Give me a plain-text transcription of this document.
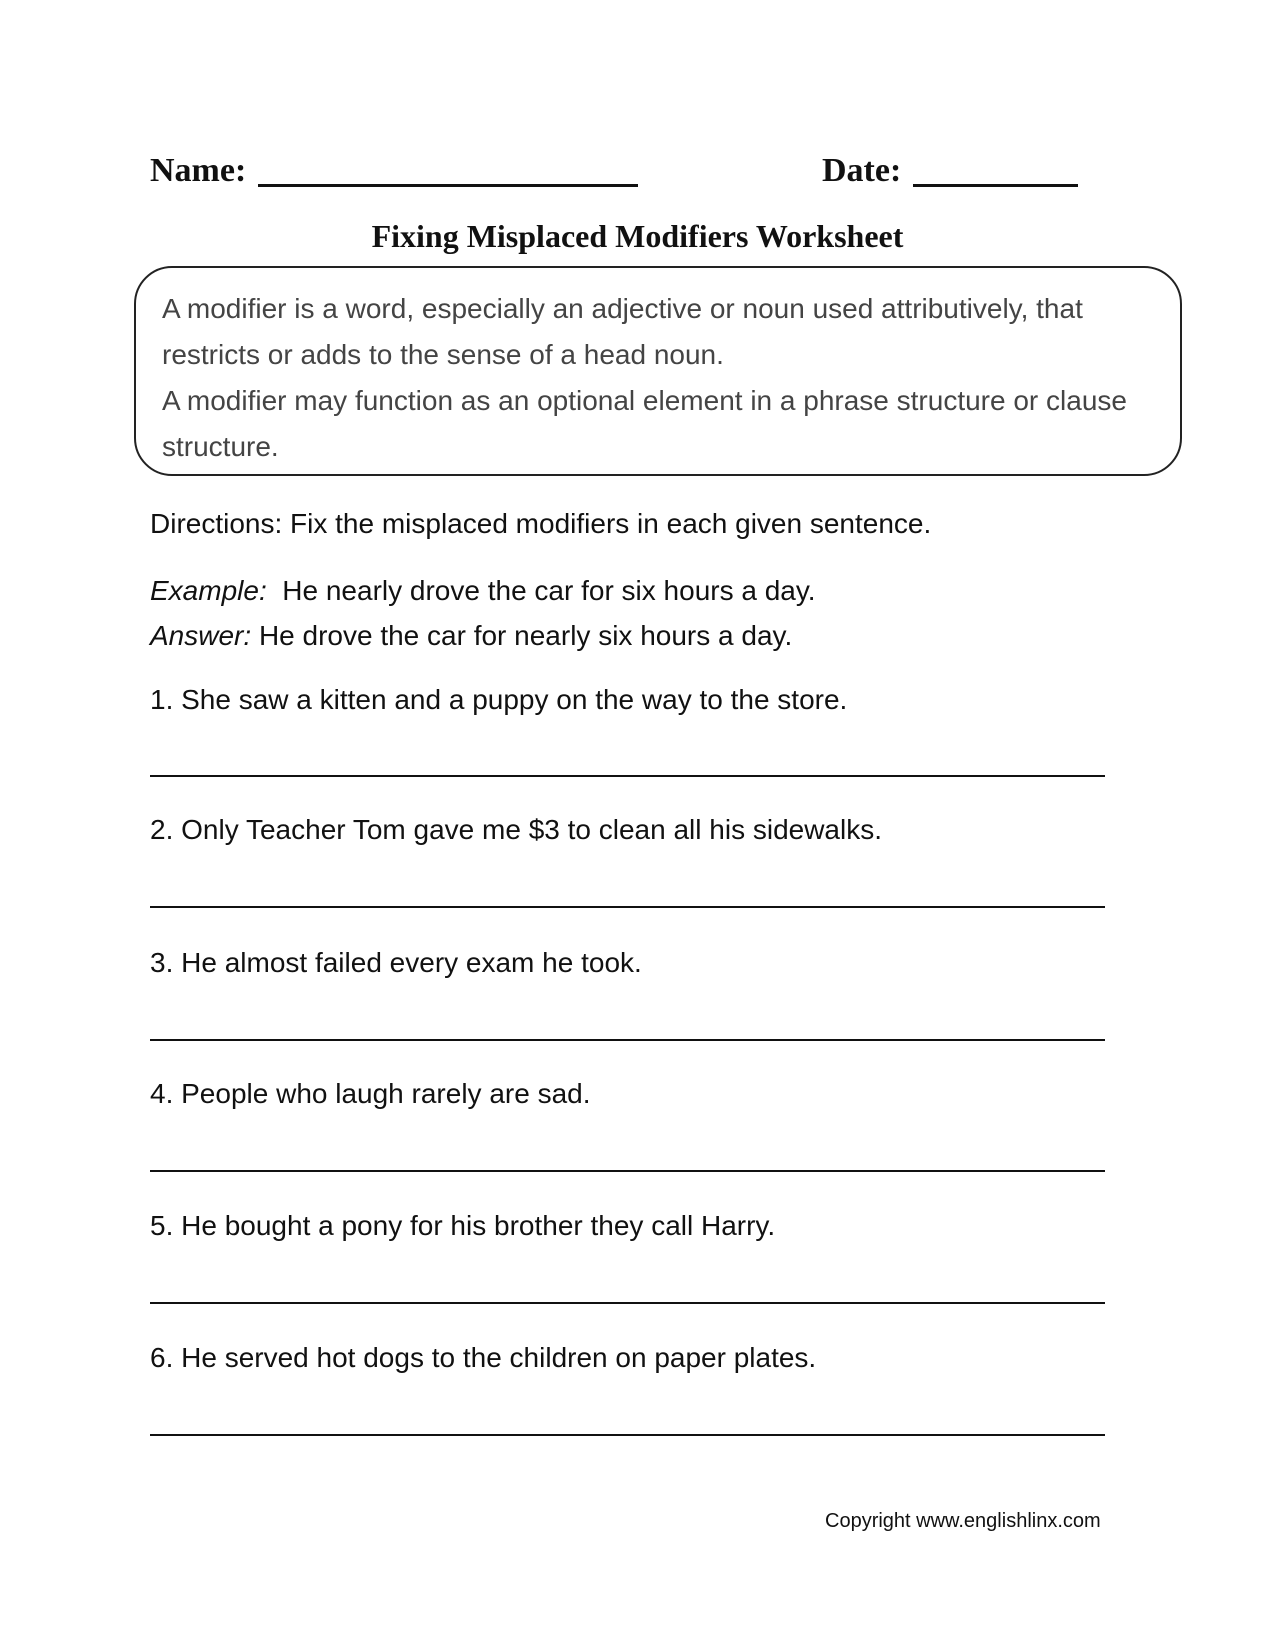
Name:	Date:
Fixing Misplaced Modifiers Worksheet

A modifier is a word, especially an adjective or noun used attributively, that restricts or adds to the sense of a head noun.

A modifier may function as an optional element in a phrase structure or clause structure.

Directions: Fix the misplaced modifiers in each given sentence.
Example: He nearly drove the car for six hours a day.
Answer: He drove the car for nearly six hours a day.
1. She saw a kitten and a puppy on the way to the store.
2. Only Teacher Tom gave me $3 to clean all his sidewalks.
3. He almost failed every exam he took.
4. People who laugh rarely are sad.
5. He bought a pony for his brother they call Harry.
6. He served hot dogs to the children on paper plates.
Copyright www.englishlinx.com
